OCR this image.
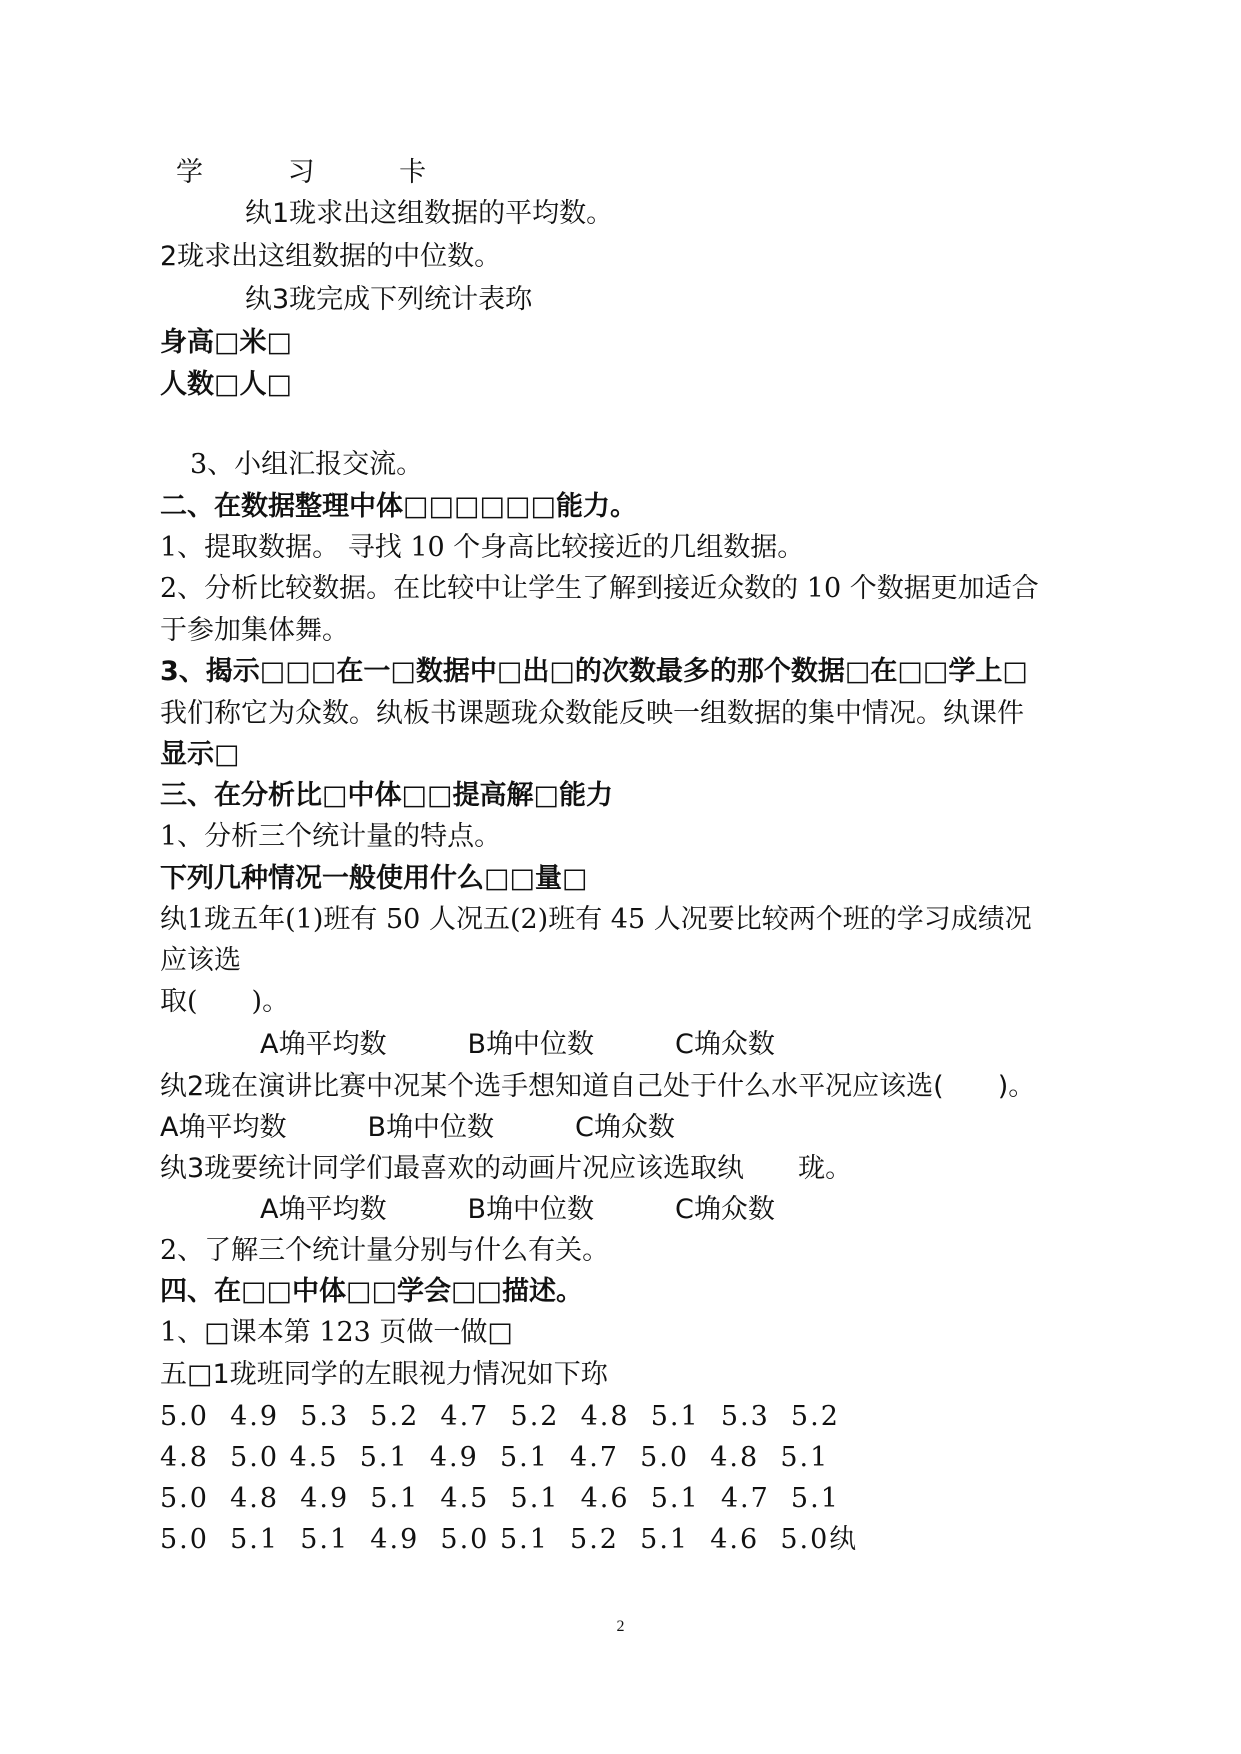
学 习 卡
纨1珑求出这组数据的平均数。
2珑求出这组数据的中位数。
纨3珑完成下列统计表珎
身高□米□
人数□人□
3、小组汇报交流。
二、在数据整理中体□□□□□□能力。
1、提取数据。 寻找 10 个身高比较接近的几组数据。
2、分析比较数据。在比较中让学生了解到接近众数的 10 个数据更加适合
于参加集体舞。
3、揭示□□□在一□数据中□出□的次数最多的那个数据□在□□学上□
我们称它为众数。纨板书课题珑众数能反映一组数据的集中情况。纨课件
显示□
三、在分析比□中体□□提高解□能力
1、分析三个统计量的特点。
下列几种情况一般使用什么□□量□
纨1珑五年(1)班有 50 人况五(2)班有 45 人况要比较两个班的学习成绩况
应该选
取(　　)。
A埆平均数　　　B埆中位数　　　C埆众数
纨2珑在演讲比赛中况某个选手想知道自己处于什么水平况应该选(　　)。
A埆平均数　　　B埆中位数　　　C埆众数
纨3珑要统计同学们最喜欢的动画片况应该选取纨　　珑。
A埆平均数　　　B埆中位数　　　C埆众数
2、了解三个统计量分别与什么有关。
四、在□□中体□□学会□□描述。
1、□课本第 123 页做一做□
五□1珑班同学的左眼视力情况如下珎
5.0  4.9  5.3  5.2  4.7  5.2  4.8  5.1  5.3  5.2
4.8  5.0 4.5  5.1  4.9  5.1  4.7  5.0  4.8  5.1
5.0  4.8  4.9  5.1  4.5  5.1  4.6  5.1  4.7  5.1
5.0  5.1  5.1  4.9  5.0 5.1  5.2  5.1  4.6  5.0纨
2
